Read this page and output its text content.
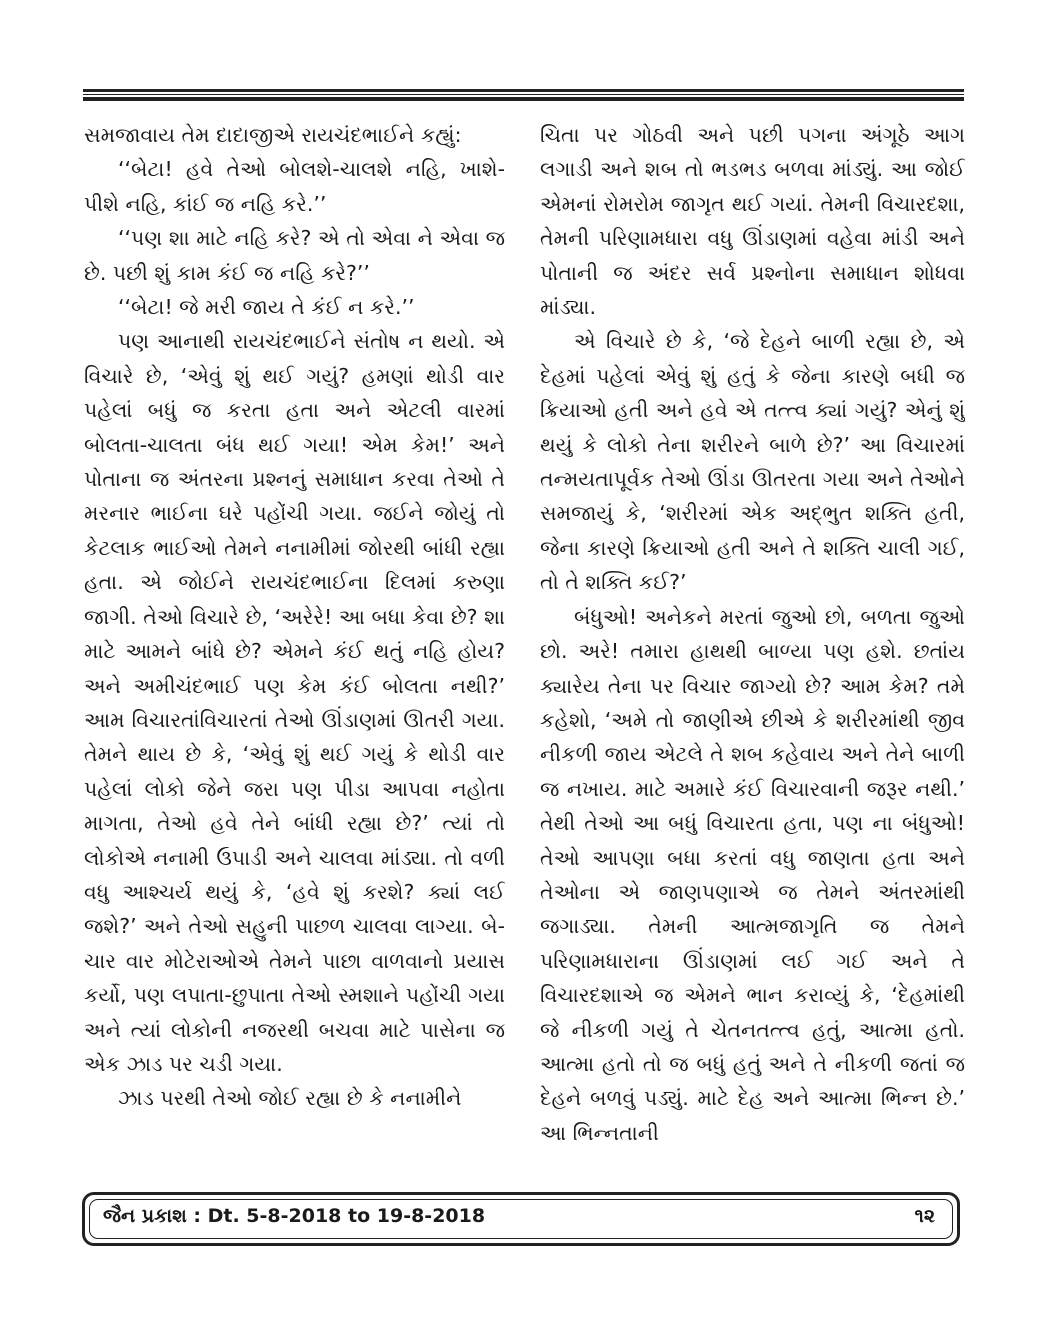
સમજાવાય તેમ દાદાજીએ રાયચંદભાઈને કહ્યું:

‘‘બેટા! હવે તેઓ બોલશે-ચાલશે નહિ, ખાશે-પીશે નહિ, કાંઈ જ નહિ કરે.’’

‘‘પણ શા માટે નહિ કરે? એ તો એવા ને એવા જ છે. પછી શું કામ કંઈ જ નહિ કરે?’’

‘‘બેટા! જે મરી જાય તે કંઈ ન કરે.’’

પણ આનાથી રાયચંદભાઈને સંતોષ ન થયો. એ વિચારે છે, ‘એવું શું થઈ ગયું? હમણાં થોડી વાર પહેલાં બધું જ કરતા હતા અને એટલી વારમાં બોલતા-ચાલતા બંધ થઈ ગયા! એમ કેમ!’ અને પોતાના જ અંતરના પ્રશ્નનું સમાધાન કરવા તેઓ તે મરનાર ભાઈના ઘરે પહોંચી ગયા. જઈને જોયું તો કેટલાક ભાઈઓ તેમને નનામીમાં જોરથી બાંધી રહ્યા હતા. એ જોઈને રાયચંદભાઈના દિલમાં કરુણા જાગી. તેઓ વિચારે છે, ‘અરેરે! આ બધા કેવા છે? શા માટે આમને બાંધે છે? એમને કંઈ થતું નહિ હોય? અને અમીચંદભાઈ પણ કેમ કંઈ બોલતા નથી?’ આમ વિચારતાંવિચારતાં તેઓ ઊંડાણમાં ઊતરી ગયા. તેમને થાય છે કે, ‘એવું શું થઈ ગયું કે થોડી વાર પહેલાં લોકો જેને જરા પણ પીડા આપવા નહોતા માગતા, તેઓ હવે તેને બાંધી રહ્યા છે?’ ત્યાં તો લોકોએ નનામી ઉપાડી અને ચાલવા માંડ્યા. તો વળી વધુ આશ્ચર્ય થયું કે, ‘હવે શું કરશે? ક્યાં લઈ જશે?’ અને તેઓ સહુની પાછળ ચાલવા લાગ્યા. બે-ચાર વાર મોટેરાઓએ તેમને પાછા વાળવાનો પ્રયાસ કર્યો, પણ લપાતા-છુપાતા તેઓ સ્મશાને પહોંચી ગયા અને ત્યાં લોકોની નજરથી બચવા માટે પાસેના જ એક ઝાડ પર ચડી ગયા.

ઝાડ પરથી તેઓ જોઈ રહ્યા છે કે નનામીને

ચિતા પર ગોઠવી અને પછી પગના અંગૂઠે આગ લગાડી અને શબ તો ભડભડ બળવા માંડ્યું. આ જોઈ એમનાં રોમરોમ જાગૃત થઈ ગયાં. તેમની વિચારદશા, તેમની પરિણામધારા વધુ ઊંડાણમાં વહેવા માંડી અને પોતાની જ અંદર સર્વ પ્રશ્નોના સમાધાન શોધવા માંડ્યા.

એ વિચારે છે કે, ‘જે દેહને બાળી રહ્યા છે, એ દેહમાં પહેલાં એવું શું હતું કે જેના કારણે બધી જ ક્રિયાઓ હતી અને હવે એ તત્ત્વ ક્યાં ગયું? એનું શું થયું કે લોકો તેના શરીરને બાળે છે?’ આ વિચારમાં તન્મયતાપૂર્વક તેઓ ઊંડા ઊતરતા ગયા અને તેઓને સમજાયું કે, ‘શરીરમાં એક અદ્ભુત શક્તિ હતી, જેના કારણે ક્રિયાઓ હતી અને તે શક્તિ ચાલી ગઈ, તો તે શક્તિ કઈ?’

બંધુઓ! અનેકને મરતાં જુઓ છો, બળતા જુઓ છો. અરે! તમારા હાથથી બાળ્યા પણ હશે. છતાંય ક્યારેય તેના પર વિચાર જાગ્યો છે? આમ કેમ? તમે કહેશો, ‘અમે તો જાણીએ છીએ કે શરીરમાંથી જીવ નીકળી જાય એટલે તે શબ કહેવાય અને તેને બાળી જ નખાય. માટે અમારે કંઈ વિચારવાની જરૂર નથી.’ તેથી તેઓ આ બધું વિચારતા હતા, પણ ના બંધુઓ! તેઓ આપણા બધા કરતાં વધુ જાણતા હતા અને તેઓના એ જાણપણાએ જ તેમને અંતરમાંથી જગાડ્યા. તેમની આત્મજાગૃતિ જ તેમને પરિણામધારાના ઊંડાણમાં લઈ ગઈ અને તે વિચારદશાએ જ એમને ભાન કરાવ્યું કે, ‘દેહમાંથી જે નીકળી ગયું તે ચેતનતત્ત્વ હતું, આત્મા હતો. આત્મા હતો તો જ બધું હતું અને તે નીકળી જતાં જ દેહને બળવું પડ્યું. માટે દેહ અને આત્મા ભિન્ન છે.’ આ ભિન્નતાની

જૈન પ્રકાશ : Dt. 5-8-2018 to 19-8-2018	૧૨
